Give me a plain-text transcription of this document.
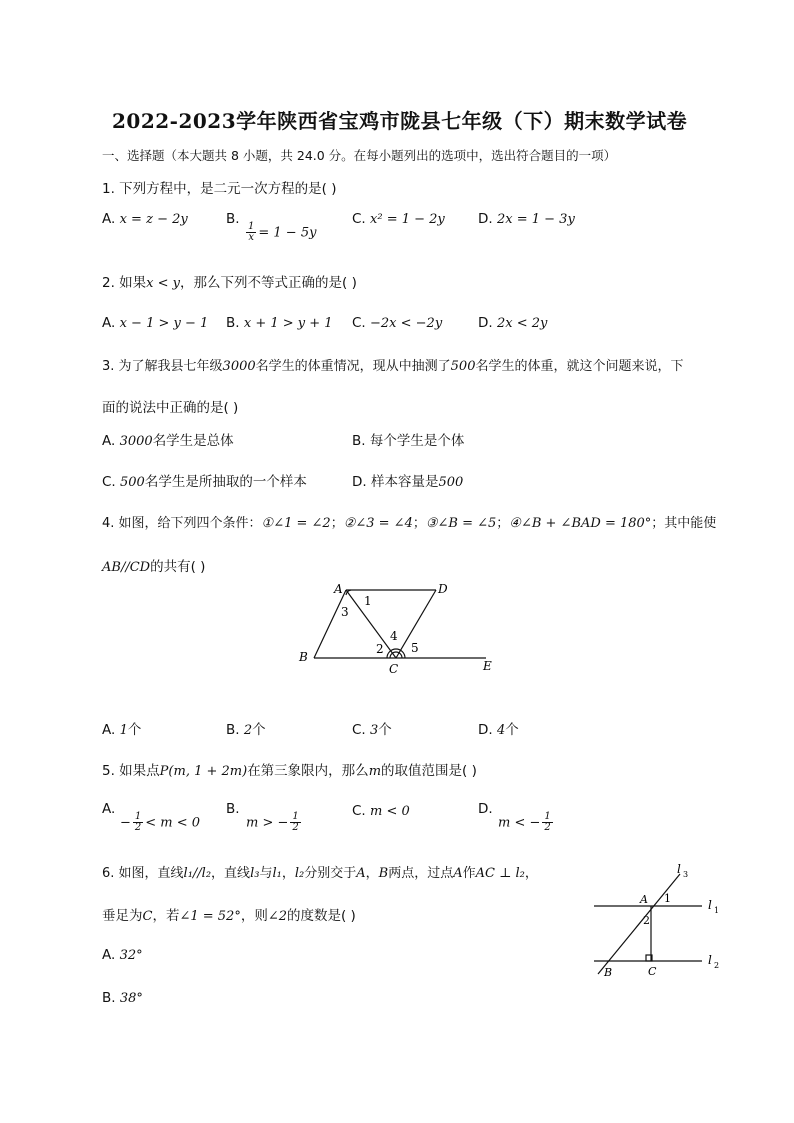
2022-2023学年陕西省宝鸡市陇县七年级（下）期末数学试卷
一、选择题（本大题共 8 小题，共 24.0 分。在每小题列出的选项中，选出符合题目的一项）
1. 下列方程中，是二元一次方程的是( )
A. x = z − 2y	B.
$\frac{1}{x} = 1 - 5y$
C. x² = 1 − 2y D. 2x = 1 − 3y
2. 如果x < y，那么下列不等式正确的是( )
A. x − 1 > y − 1 B. x + 1 > y + 1 C. −2x < −2y	D. 2x < 2y
3. 为了解我县七年级3000名学生的体重情况，现从中抽测了500名学生的体重，就这个问题来说，下
面的说法中正确的是( )
A. 3000名学生是总体	B. 每个学生是个体
C. 500名学生是所抽取的一个样本	D. 样本容量是500
4. 如图，给下列四个条件：①∠1 = ∠2；②∠3 = ∠4；③∠B = ∠5；④∠B + ∠BAD = 180°；其中能使
AB//CD的共有( )
A	D
B
C	E
1
2
3
4
5
A. 1个	B. 2个	C. 3个	D. 4个
5. 如果点P(m, 1 + 2m)在第三象限内，那么m的取值范围是( )
A.
− $\frac{1}{2} < m < 0$
B.
m > − $\frac{1}{2}$
C. m < 0	D.
m < − $\frac{1}{2}$
6. 如图，直线l₁//l₂，直线l₃与l₁，l₂分别交于A，B两点，过点A作AC ⊥ l₂，
垂足为C，若∠1 = 52°，则∠2的度数是( )
l 3
l 1
l 2
A
B	C
1
2
A. 32°
B. 38°
